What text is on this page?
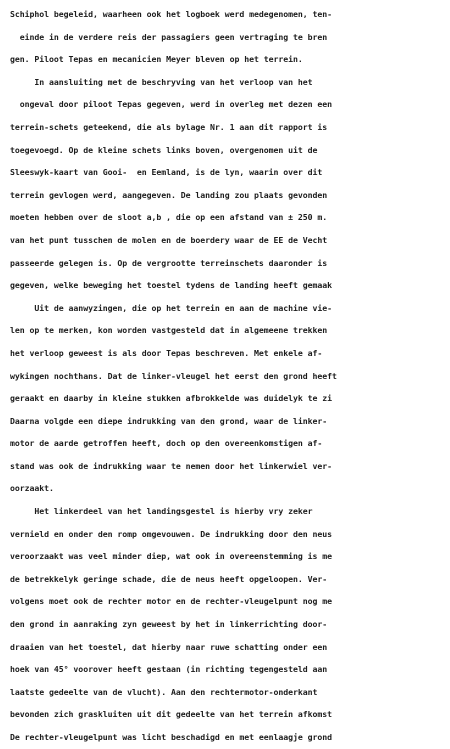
Schiphol begeleid, waarheen ook het logboek werd medegenomen, ten-
einde in de verdere reis der passagiers geen vertraging te bren
gen. Piloot Tepas en mecanicien Meyer bleven op het terrein.
In aansluiting met de beschryving van het verloop van het
ongeval door piloot Tepas gegeven, werd in overleg met dezen een
terrein-schets geteekend, die als bylage Nr. 1 aan dit rapport is
toegevoegd. Op de kleine schets links boven, overgenomen uit de
Sleeswyk-kaart van Gooi-  en Eemland, is de lyn, waarin over dit
terrein gevlogen werd, aangegeven. De landing zou plaats gevonden
moeten hebben over de sloot a,b , die op een afstand van ± 250 m.
van het punt tusschen de molen en de boerdery waar de EE de Vecht
passeerde gelegen is. Op de vergrootte terreinschets daaronder is
gegeven, welke beweging het toestel tydens de landing heeft gemaak
Uit de aanwyzingen, die op het terrein en aan de machine vie-
len op te merken, kon worden vastgesteld dat in algemeene trekken
het verloop geweest is als door Tepas beschreven. Met enkele af-
wykingen nochthans. Dat de linker-vleugel het eerst den grond heeft
geraakt en daarby in kleine stukken afbrokkelde was duidelyk te zi
Daarna volgde een diepe indrukking van den grond, waar de linker-
motor de aarde getroffen heeft, doch op den overeenkomstigen af-
stand was ook de indrukking waar te nemen door het linkerwiel ver-
oorzaakt.
Het linkerdeel van het landingsgestel is hierby vry zeker
vernield en onder den romp omgevouwen. De indrukking door den neus
veroorzaakt was veel minder diep, wat ook in overeenstemming is me
de betrekkelyk geringe schade, die de neus heeft opgeloopen. Ver-
volgens moet ook de rechter motor en de rechter-vleugelpunt nog me
den grond in aanraking zyn geweest by het in linkerrichting door-
draaien van het toestel, dat hierby naar ruwe schatting onder een
hoek van 45° voorover heeft gestaan (in richting tegengesteld aan
laatste gedeelte van de vlucht). Aan den rechtermotor-onderkant
bevonden zich graskluiten uit dit gedeelte van het terrein afkomst
De rechter-vleugelpunt was licht beschadigd en met eenlaagje grond
